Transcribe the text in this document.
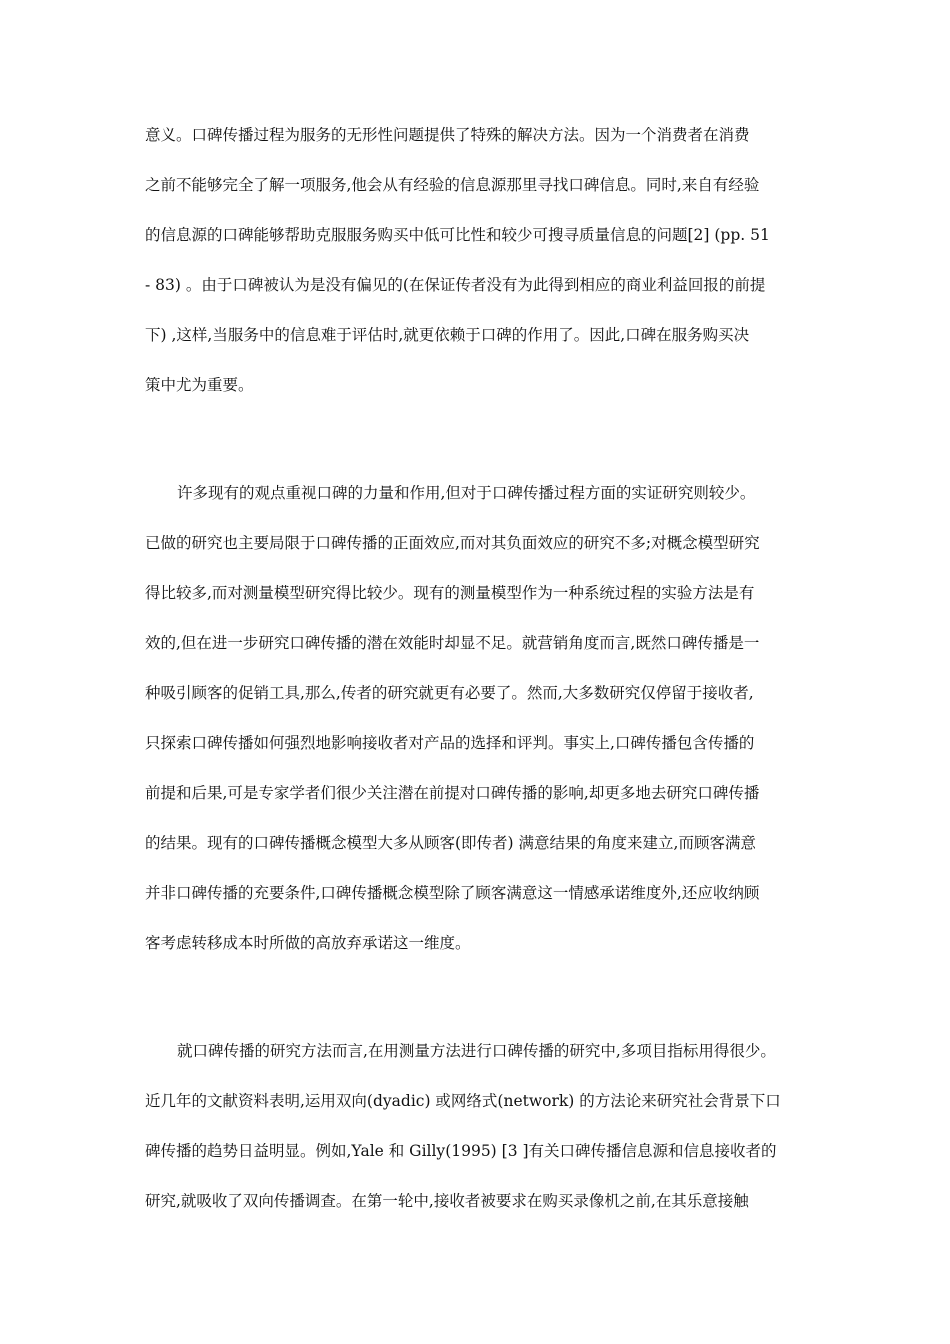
意义。口碑传播过程为服务的无形性问题提供了特殊的解决方法。因为一个消费者在消费
之前不能够完全了解一项服务,他会从有经验的信息源那里寻找口碑信息。同时,来自有经验
的信息源的口碑能够帮助克服服务购买中低可比性和较少可搜寻质量信息的问题[2] (pp. 51
- 83) 。由于口碑被认为是没有偏见的(在保证传者没有为此得到相应的商业利益回报的前提
下) ,这样,当服务中的信息难于评估时,就更依赖于口碑的作用了。因此,口碑在服务购买决
策中尤为重要。
许多现有的观点重视口碑的力量和作用,但对于口碑传播过程方面的实证研究则较少。
已做的研究也主要局限于口碑传播的正面效应,而对其负面效应的研究不多;对概念模型研究
得比较多,而对测量模型研究得比较少。现有的测量模型作为一种系统过程的实验方法是有
效的,但在进一步研究口碑传播的潜在效能时却显不足。就营销角度而言,既然口碑传播是一
种吸引顾客的促销工具,那么,传者的研究就更有必要了。然而,大多数研究仅停留于接收者,
只探索口碑传播如何强烈地影响接收者对产品的选择和评判。事实上,口碑传播包含传播的
前提和后果,可是专家学者们很少关注潜在前提对口碑传播的影响,却更多地去研究口碑传播
的结果。现有的口碑传播概念模型大多从顾客(即传者) 满意结果的角度来建立,而顾客满意
并非口碑传播的充要条件,口碑传播概念模型除了顾客满意这一情感承诺维度外,还应收纳顾
客考虑转移成本时所做的高放弃承诺这一维度。
就口碑传播的研究方法而言,在用测量方法进行口碑传播的研究中,多项目指标用得很少。
近几年的文献资料表明,运用双向(dyadic) 或网络式(network) 的方法论来研究社会背景下口
碑传播的趋势日益明显。例如,Yale 和 Gilly(1995) [3 ]有关口碑传播信息源和信息接收者的
研究,就吸收了双向传播调查。在第一轮中,接收者被要求在购买录像机之前,在其乐意接触
